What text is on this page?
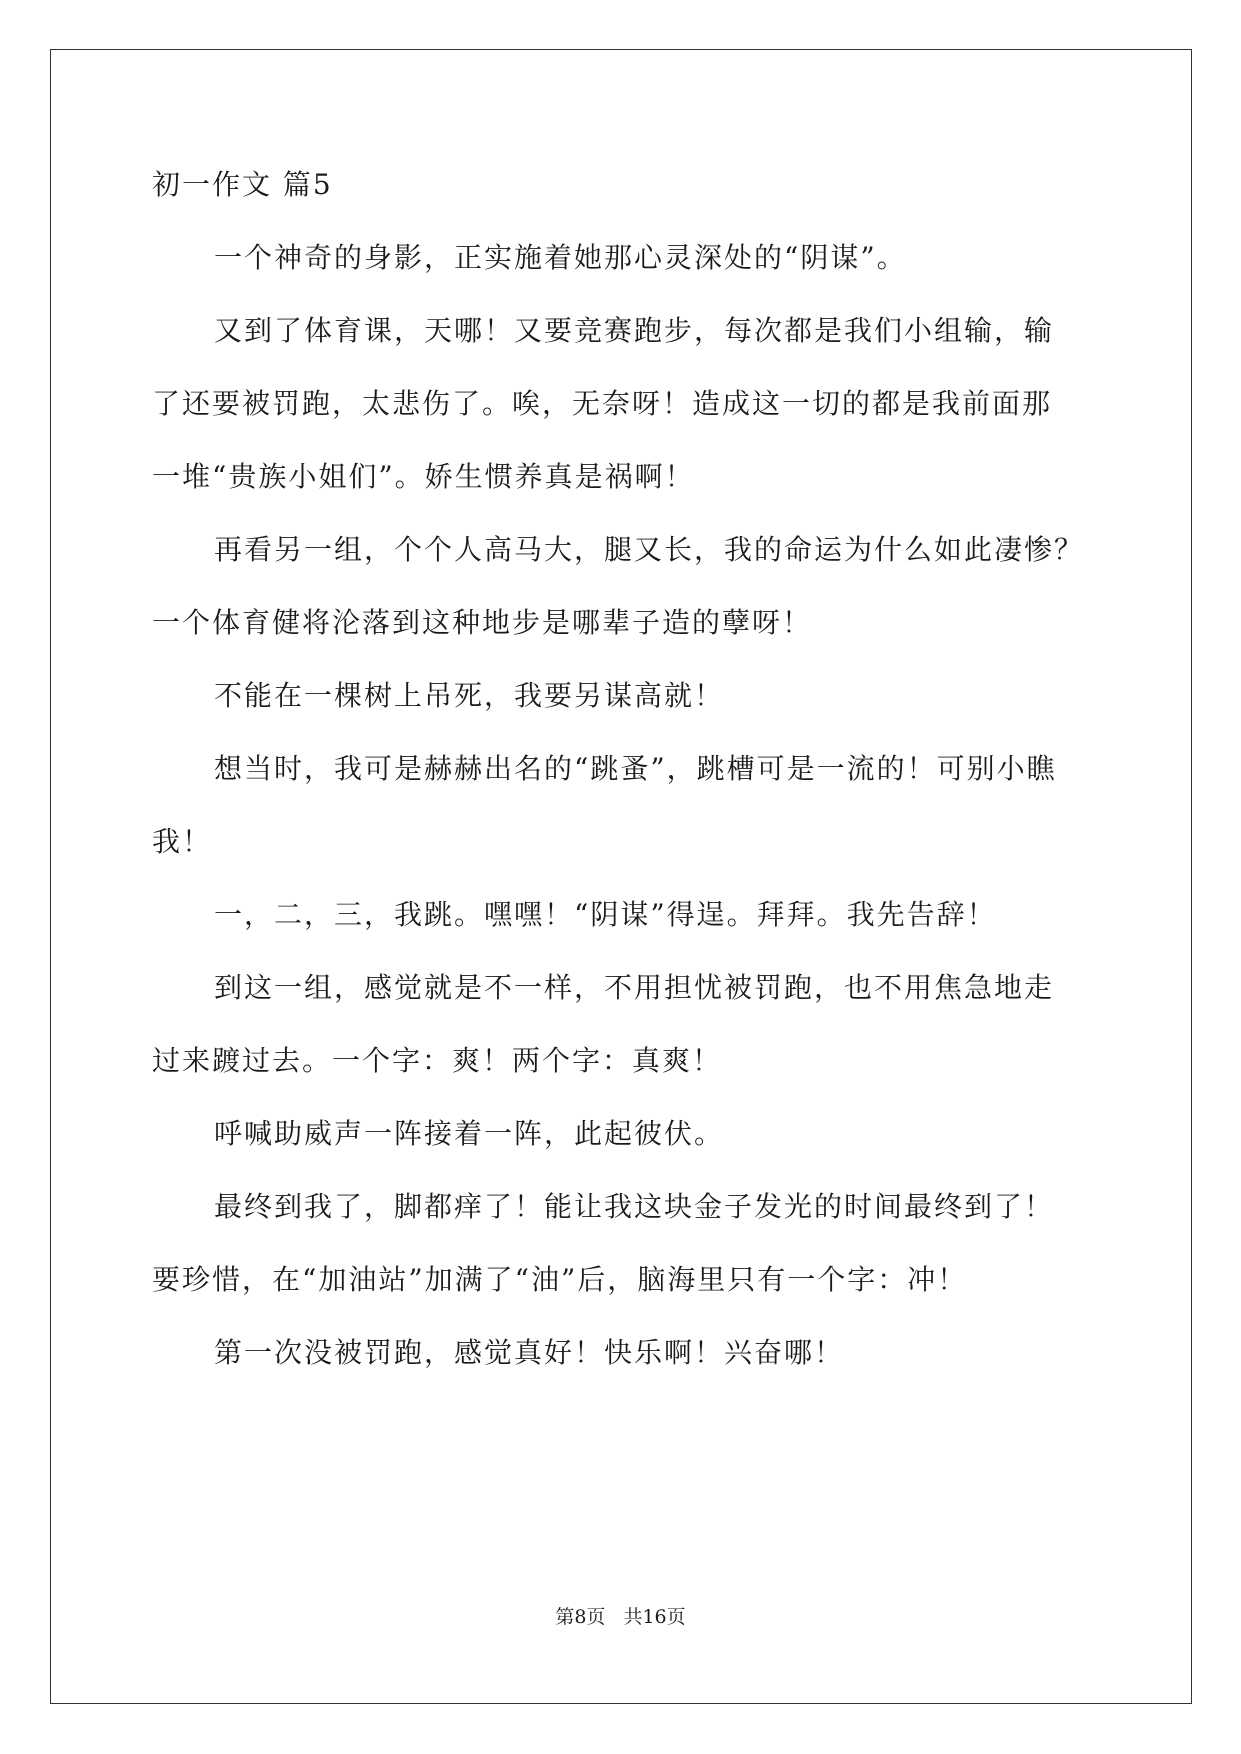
初一作文 篇5
一个神奇的身影，正实施着她那心灵深处的“阴谋”。
又到了体育课，天哪！又要竞赛跑步，每次都是我们小组输，输
了还要被罚跑，太悲伤了。唉，无奈呀！造成这一切的都是我前面那
一堆“贵族小姐们”。娇生惯养真是祸啊！
再看另一组，个个人高马大，腿又长，我的命运为什么如此凄惨？
一个体育健将沦落到这种地步是哪辈子造的孽呀！
不能在一棵树上吊死，我要另谋高就！
想当时，我可是赫赫出名的“跳蚤”，跳槽可是一流的！可别小瞧
我！
一，二，三，我跳。嘿嘿！“阴谋”得逞。拜拜。我先告辞！
到这一组，感觉就是不一样，不用担忧被罚跑，也不用焦急地走
过来踱过去。一个字：爽！两个字：真爽！
呼喊助威声一阵接着一阵，此起彼伏。
最终到我了，脚都痒了！能让我这块金子发光的时间最终到了！
要珍惜，在“加油站”加满了“油”后，脑海里只有一个字：冲！
第一次没被罚跑，感觉真好！快乐啊！兴奋哪！
第8页 共16页
